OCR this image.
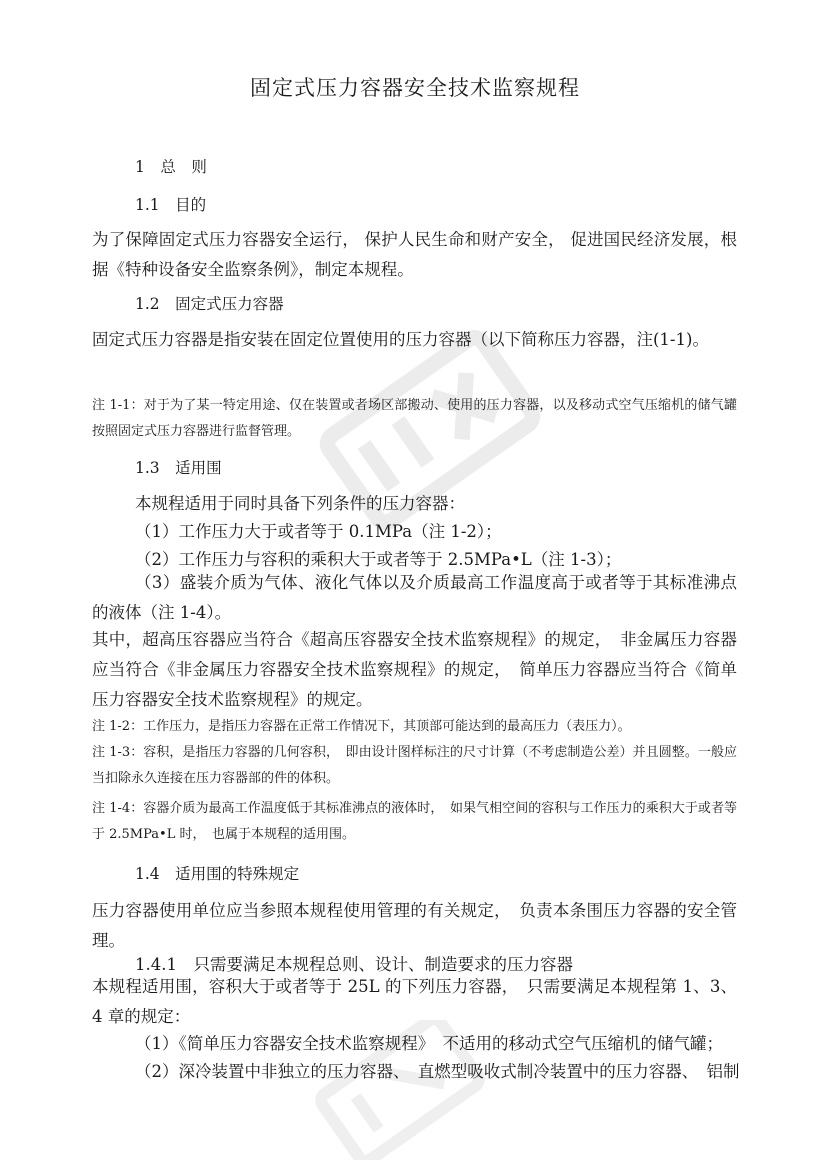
固定式压力容器安全技术监察规程
1　总　则
1.1　目的
为了保障固定式压力容器安全运行， 保护人民生命和财产安全， 促进国民经济发展，根据《特种设备安全监察条例》，制定本规程。
1.2　固定式压力容器
固定式压力容器是指安装在固定位置使用的压力容器（以下简称压力容器，注(1-1)。
注 1-1：对于为了某一特定用途、仅在装置或者场区部搬动、使用的压力容器，以及移动式空气压缩机的储气罐按照固定式压力容器进行监督管理。
1.3　适用围
本规程适用于同时具备下列条件的压力容器：
（1）工作压力大于或者等于 0.1MPa（注 1-2）；
（2）工作压力与容积的乘积大于或者等于 2.5MPa•L（注 1-3）；
（3）盛装介质为气体、液化气体以及介质最高工作温度高于或者等于其标准沸点的液体（注 1-4）。
其中，超高压容器应当符合《超高压容器安全技术监察规程》的规定，　非金属压力容器应当符合《非金属压力容器安全技术监察规程》的规定，　简单压力容器应当符合《简单压力容器安全技术监察规程》的规定。
注 1-2：工作压力，是指压力容器在正常工作情况下，其顶部可能达到的最高压力（表压力）。
注 1-3：容积，是指压力容器的几何容积，　即由设计图样标注的尺寸计算（不考虑制造公差）并且圆整。一般应当扣除永久连接在压力容器部的件的体积。
注 1-4：容器介质为最高工作温度低于其标准沸点的液体时，　如果气相空间的容积与工作压力的乘积大于或者等于 2.5MPa•L 时，　也属于本规程的适用围。
1.4　适用围的特殊规定
压力容器使用单位应当参照本规程使用管理的有关规定，　负责本条围压力容器的安全管理。
1.4.1　只需要满足本规程总则、设计、制造要求的压力容器
本规程适用围，容积大于或者等于 25L 的下列压力容器，　只需要满足本规程第 1、3、4 章的规定：
（1）《简单压力容器安全技术监察规程》　不适用的移动式空气压缩机的储气罐；
（2）深冷装置中非独立的压力容器、　直燃型吸收式制冷装置中的压力容器、　铝制
